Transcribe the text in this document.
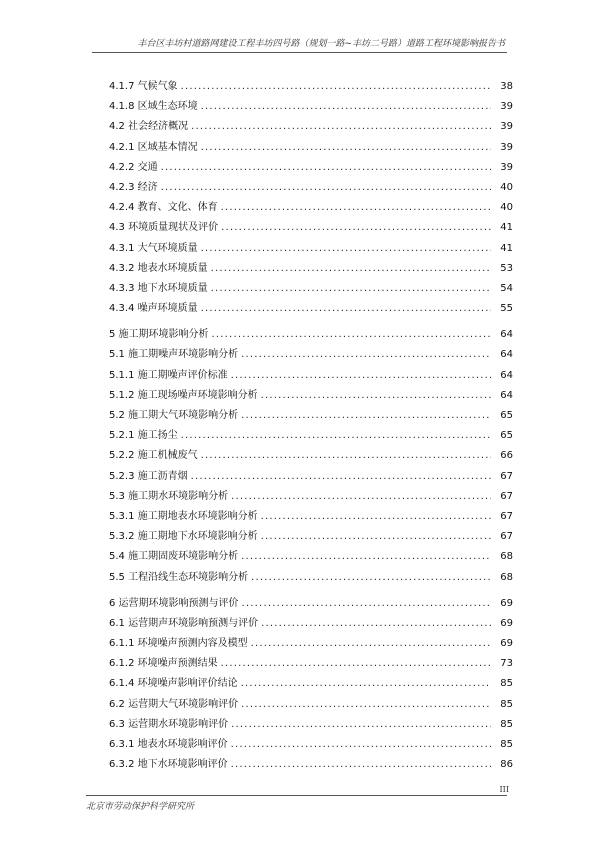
丰台区丰坊村道路网建设工程丰坊四号路（规划一路~丰坊二号路）道路工程环境影响报告书
4.1.7 气候气象 .....	38
4.1.8 区域生态环境 .....	39
4.2 社会经济概况 .....	39
4.2.1 区域基本情况 .....	39
4.2.2 交通 .....	39
4.2.3 经济 .....	40
4.2.4 教育、文化、体育 .....	40
4.3 环境质量现状及评价 .....	41
4.3.1 大气环境质量 .....	41
4.3.2 地表水环境质量 .....	53
4.3.3 地下水环境质量 .....	54
4.3.4 噪声环境质量 .....	55
5 施工期环境影响分析 .....	64
5.1 施工期噪声环境影响分析 .....	64
5.1.1 施工期噪声评价标准 .....	64
5.1.2 施工现场噪声环境影响分析 .....	64
5.2 施工期大气环境影响分析 .....	65
5.2.1 施工扬尘 .....	65
5.2.2 施工机械废气 .....	66
5.2.3 施工沥青烟 .....	67
5.3 施工期水环境影响分析 .....	67
5.3.1 施工期地表水环境影响分析 .....	67
5.3.2 施工期地下水环境影响分析 .....	67
5.4 施工期固废环境影响分析 .....	68
5.5 工程沿线生态环境影响分析 .....	68
6 运营期环境影响预测与评价 .....	69
6.1 运营期声环境影响预测与评价 .....	69
6.1.1 环境噪声预测内容及模型 .....	69
6.1.2 环境噪声预测结果 .....	73
6.1.4 环境噪声影响评价结论 .....	85
6.2 运营期大气环境影响评价 .....	85
6.3 运营期水环境影响评价 .....	85
6.3.1 地表水环境影响评价 .....	85
6.3.2 地下水环境影响评价 .....	86
III
北京市劳动保护科学研究所
